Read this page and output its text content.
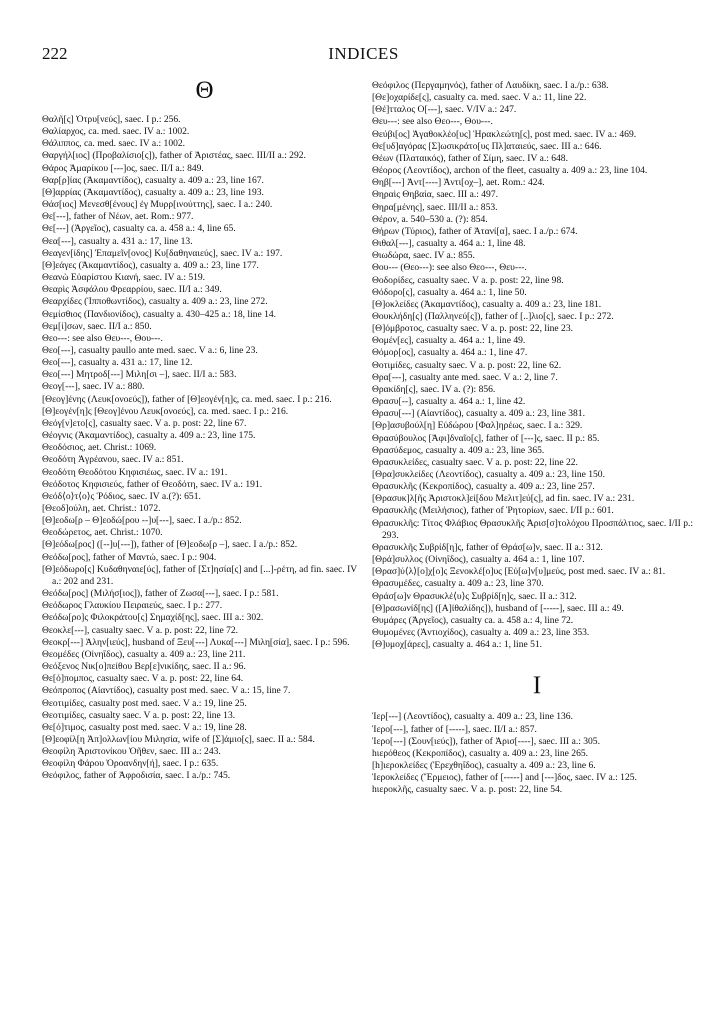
222	INDICES
Θ

Θαλῆ[ς] Ὀτρυ[νεύς], saec. I p.: 256.

Θαλίαρχος, ca. med. saec. IV a.: 1002.

Θάλιππος, ca. med. saec. IV a.: 1002.

Θαργήλ[ιος] (Προβαλίσιο[ς]), father of Ἀριστέας, saec. III/II a.: 292.

Θάρος Ἀμαρίκου [---]ος, saec. II/I a.: 849.

Θαρ[ρ]ίας (Ἀκαμαντίδος), casualty a. 409 a.: 23, line 167.

[Θ]αρρίας (Ἀκαμαντίδος), casualty a. 409 a.: 23, line 193.

Θάσ[ιος] Μενεσθ[ένους] ἐγ Μυρρ[ινούττης], saec. I a.: 240.

Θε[---], father of Νέων, aet. Rom.: 977.

Θε[---] (Ἀργεῖος), casualty ca. a. 458 a.: 4, line 65.

Θεα[---], casualty a. 431 a.: 17, line 13.

Θεαγεν[ίδης] Ἐπαμεῖν[ονος] Κυ[δαθηναιεύς], saec. IV a.: 197.

[Θ]εάγες (Ἀκαμαντίδος), casualty a. 409 a.: 23, line 177.

Θεανὼ Εὐαρίστου Κιανή, saec. IV a.: 519.

Θεαρὶς Ἀσφάλου Φρεαρρίου, saec. II/I a.: 349.

Θεαρχίδες (Ἱπποθωντίδος), casualty a. 409 a.: 23, line 272.

Θεμίσθιος (Πανδιονίδος), casualty a. 430–425 a.: 18, line 14.

Θεμ[ί]σων, saec. II/I a.: 850.

Θεο---: see also Θευ---, Θου---.

Θεο[---], casualty paullo ante med. saec. V a.: 6, line 23.

Θεο[---], casualty a. 431 a.: 17, line 12.

Θεο[---] Μητροδ[---] Μιλη[σι –], saec. II/I a.: 583.

Θεογ[---], saec. IV a.: 880.

[Θεογ]ένης (Λευκ[ονοεύς]), father of [Θ]εογέν[η]ς, ca. med. saec. I p.: 216.

[Θ]εογέν[η]ς [Θεογ]ένου Λευκ[ονοεύς], ca. med. saec. I p.: 216.

Θεόγ[ν]ετο[ς], casualty saec. V a. p. post: 22, line 67.

Θέογνις (Ἀκαμαντίδος), casualty a. 409 a.: 23, line 175.

Θεοδόσιος, aet. Christ.: 1069.

Θεοδότη Ἀγρέανου, saec. IV a.: 851.

Θεοδότη Θεοδότου Κηφισιέως, saec. IV a.: 191.

Θεόδοτος Κηφισιεύς, father of Θεοδότη, saec. IV a.: 191.

Θεόδ⟨ο⟩τ⟨ο⟩ς Ῥόδιος, saec. IV a.(?): 651.

[Θεοδ]ούλη, aet. Christ.: 1072.

[Θ]εοδω[ρ – Θ]εοδώ[ρου --]υ[---], saec. I a./p.: 852.

Θεοδώρετος, aet. Christ.: 1070.

[Θ]εόδω[ρος] ([--]υ[---]), father of [Θ]εοδω[ρ –], saec. I a./p.: 852.

Θεόδω[ρος], father of Μαντώ, saec. I p.: 904.

[Θ]εόδωρο[ς] Κυδαθηναιε[ύς], father of [Στ]ησία[ς] and [...]-ρέτη, ad fin. saec. IV a.: 202 and 231.

Θεόδω[ρος] (Μιλήσ[ιος]), father of Ζωσα[---], saec. I p.: 581.

Θεόδωρος Γλαυκίου Πειραιεύς, saec. I p.: 277.

Θεόδω[ρο]ς Φιλοκράτου[ς] Σημαχίδ[ης], saec. III a.: 302.

Θεοκλε[---], casualty saec. V a. p. post: 22, line 72.

Θεοκρ[---] Ἀλην[ιεύς], husband of Ξευ[---] Λυκα[---] Μιλη[σία], saec. I p.: 596.

Θεομέδες (Οἰνηΐδος), casualty a. 409 a.: 23, line 211.

Θεόξενος Νικ[ο]πείθου Βερ[ε]νικίδης, saec. II a.: 96.

Θε[ό]πομπος, casualty saec. V a. p. post: 22, line 64.

Θεόπροπος (Αἰαντίδος), casualty post med. saec. V a.: 15, line 7.

Θεοτιμίδες, casualty post med. saec. V a.: 19, line 25.

Θεοτιμίδες, casualty saec. V a. p. post: 22, line 13.

Θε[ό]τιμος, casualty post med. saec. V a.: 19, line 28.

[Θ]εοφίλ[η Ἀπ]ολλων[ίου Μιλησία, wife of [Σ]άμιο[ς], saec. II a.: 584.

Θεοφίλη Ἀριστονίκου Ὀῆθεν, saec. III a.: 243.

Θεοφίλη Φάρου Ὀροανδην[ή], saec. I p.: 635.

Θεόφιλος, father of Ἀφροδισία, saec. I a./p.: 745.

Θεόφιλος (Περγαμηνός), father of Λαυδίκη, saec. I a./p.: 638.

[Θε]οχαρίδε[ς], casualty ca. med. saec. V a.: 11, line 22.

[Θέ]τταλος Ο[---], saec. V/IV a.: 247.

Θευ---: see also Θεο---, Θου---.

Θεύβι[ος] Ἀγαθοκλέο[υς] Ἡρακλεώτη[ς], post med. saec. IV a.: 469.

Θε[υδ]αγόρας [Σ]ωσικράτο[υς Πλ]αταιεύς, saec. III a.: 646.

Θέων (Πλαταικός), father of Σίμη, saec. IV a.: 648.

Θέορος (Λεοντίδος), archon of the fleet, casualty a. 409 a.: 23, line 104.

Θηβ[---] Ἀντ[----] Ἀντι[οχ–], aet. Rom.: 424.

Θηραὶς Θηβαία, saec. III a.: 497.

Θηρα[μένης], saec. III/II a.: 853.

Θέρον, a. 540–530 a. (?): 854.

Θήρων (Τύριος), father of Ἀτανί[α], saec. I a./p.: 674.

Θιθαλ[---], casualty a. 464 a.: 1, line 48.

Θιωδώρα, saec. IV a.: 855.

Θου--- (Θεο---): see also Θεο---, Θευ---.

Θοδορίδες, casualty saec. V a. p. post: 22, line 98.

Θόδορο[ς], casualty a. 464 a.: 1, line 50.

[Θ]οκλείδες (Ἀκαμαντίδος), casualty a. 409 a.: 23, line 181.

Θουκλήδη[ς] (Παλληνεύ[ς]), father of [..]λιο[ς], saec. I p.: 272.

[Θ]όμβροτος, casualty saec. V a. p. post: 22, line 23.

Θομέν[ες], casualty a. 464 a.: 1, line 49.

Θόμορ[ος], casualty a. 464 a.: 1, line 47.

Θοτιμίδες, casualty saec. V a. p. post: 22, line 62.

Θρα[---], casualty ante med. saec. V a.: 2, line 7.

Θρακίδη[ς], saec. IV a. (?): 856.

Θρασυ[--], casualty a. 464 a.: 1, line 42.

Θρασυ[---] (Αἰαντίδος), casualty a. 409 a.: 23, line 381.

[Θρ]ασυβούλ[η] Εὐδώρου [Φαλ]ηρέως, saec. I a.: 329.

Θρασύβουλος [Ἀφι]δναῖο[ς], father of [---]ς, saec. II p.: 85.

Θρασύδεμος, casualty a. 409 a.: 23, line 365.

Θρασυκλείδες, casualty saec. V a. p. post: 22, line 22.

[Θρα]συκλείδες (Λεοντίδος), casualty a. 409 a.: 23, line 150.

Θρασυκλῆς (Κεκροπίδος), casualty a. 409 a.: 23, line 257.

[Θρασυκ]λ[ῆς Ἀριστοκλ]εί[δου Μελιτ]εύ[ς], ad fin. saec. IV a.: 231.

Θρασυκλῆς (Μειλήσιος), father of Ῥητορίων, saec. I/II p.: 601.

Θρασυκλῆς: Τίτος Φλάβιος Θρασυκλῆς Ἀρισ[σ]τολόχου Προσπάλτιος, saec. I/II p.: 293.

Θρασυκλῆς Συβρίδ[η]ς, father of Θράσ[ω]ν, saec. II a.: 312.

[Θρά]συλλος (Οἰνηΐδος), casualty a. 464 a.: 1, line 107.

[Θρασ]ύ⟨λ⟩[ο]χ[ο]ς Ξενοκλέ[ο]υς [Εὐ[ω]ν[υ]μεύς, post med. saec. IV a.: 81.

Θρασυμέδες, casualty a. 409 a.: 23, line 370.

Θράσ[ω]ν Θρασυκλέ⟨υ⟩ς Συβρίδ[η]ς, saec. II a.: 312.

[Θ]ρασωνίδ[ης] ([Α]ἰθαλίδης]), husband of [-----], saec. III a.: 49.

Θυμάρες (Ἀργεῖος), casualty ca. a. 458 a.: 4, line 72.

Θυμομένες (Ἀντιοχίδος), casualty a. 409 a.: 23, line 353.

[Θ]υμοχ[άρες], casualty a. 464 a.: 1, line 51.

Ι

Ἱερ[---] (Λεοντίδος), casualty a. 409 a.: 23, line 136.

Ἱερο[---], father of [-----], saec. II/I a.: 857.

Ἱερο[---] (Σουν[ιεύς]), father of Ἀρισ[----], saec. III a.: 305.

hιερόθεος (Κεκροπίδος), casualty a. 409 a.: 23, line 265.

[h]ιεροκλείδες (Ἐρεχθηΐδος), casualty a. 409 a.: 23, line 6.

Ἱεροκλείδες (Ἕρμειος), father of [-----] and [---]δος, saec. IV a.: 125.

hιεροκλῆς, casualty saec. V a. p. post: 22, line 54.
